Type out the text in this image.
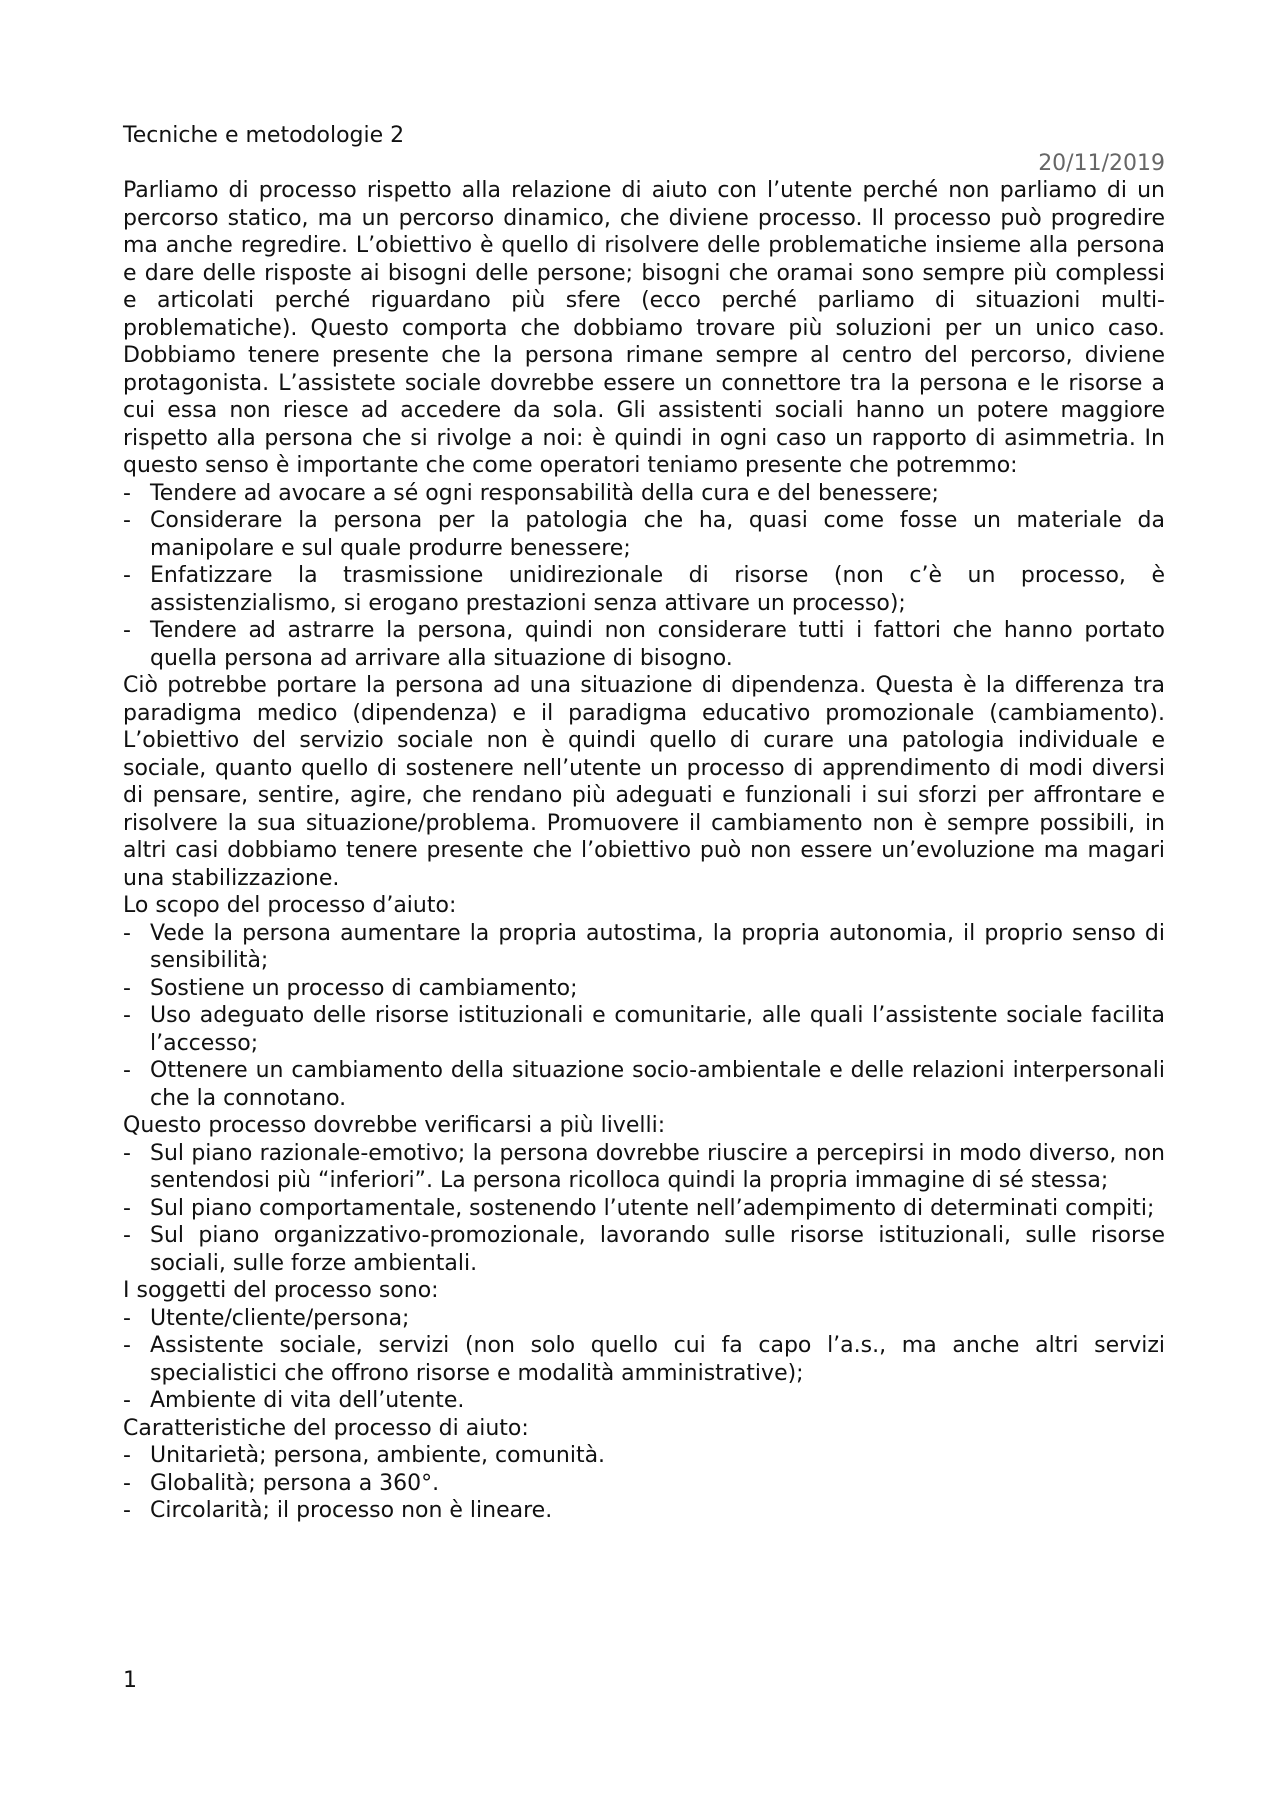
Tecniche e metodologie 2
20/11/2019

Parliamo di processo rispetto alla relazione di aiuto con l’utente perché non parliamo di un percorso statico, ma un percorso dinamico, che diviene processo. Il processo può progredire ma anche regredire. L’obiettivo è quello di risolvere delle problematiche insieme alla persona e dare delle risposte ai bisogni delle persone; bisogni che oramai sono sempre più complessi e articolati perché riguardano più sfere (ecco perché parliamo di situazioni multi-problematiche). Questo comporta che dobbiamo trovare più soluzioni per un unico caso. Dobbiamo tenere presente che la persona rimane sempre al centro del percorso, diviene protagonista. L’assistete sociale dovrebbe essere un connettore tra la persona e le risorse a cui essa non riesce ad accedere da sola. Gli assistenti sociali hanno un potere maggiore rispetto alla persona che si rivolge a noi: è quindi in ogni caso un rapporto di asimmetria. In questo senso è importante che come operatori teniamo presente che potremmo:

- Tendere ad avocare a sé ogni responsabilità della cura e del benessere;
- Considerare la persona per la patologia che ha, quasi come fosse un materiale da manipolare e sul quale produrre benessere;
- Enfatizzare la trasmissione unidirezionale di risorse (non c’è un processo, è assistenzialismo, si erogano prestazioni senza attivare un processo);
- Tendere ad astrarre la persona, quindi non considerare tutti i fattori che hanno portato quella persona ad arrivare alla situazione di bisogno.

Ciò potrebbe portare la persona ad una situazione di dipendenza. Questa è la differenza tra paradigma medico (dipendenza) e il paradigma educativo promozionale (cambiamento). L’obiettivo del servizio sociale non è quindi quello di curare una patologia individuale e sociale, quanto quello di sostenere nell’utente un processo di apprendimento di modi diversi di pensare, sentire, agire, che rendano più adeguati e funzionali i sui sforzi per affrontare e risolvere la sua situazione/problema. Promuovere il cambiamento non è sempre possibili, in altri casi dobbiamo tenere presente che l’obiettivo può non essere un’evoluzione ma magari una stabilizzazione.

Lo scopo del processo d’aiuto:

- Vede la persona aumentare la propria autostima, la propria autonomia, il proprio senso di sensibilità;
- Sostiene un processo di cambiamento;
- Uso adeguato delle risorse istituzionali e comunitarie, alle quali l’assistente sociale facilita l’accesso;
- Ottenere un cambiamento della situazione socio-ambientale e delle relazioni interpersonali che la connotano.

Questo processo dovrebbe verificarsi a più livelli:

- Sul piano razionale-emotivo; la persona dovrebbe riuscire a percepirsi in modo diverso, non sentendosi più “inferiori”. La persona ricolloca quindi la propria immagine di sé stessa;
- Sul piano comportamentale, sostenendo l’utente nell’adempimento di determinati compiti;
- Sul piano organizzativo-promozionale, lavorando sulle risorse istituzionali, sulle risorse sociali, sulle forze ambientali.

I soggetti del processo sono:

- Utente/cliente/persona;
- Assistente sociale, servizi (non solo quello cui fa capo l’a.s., ma anche altri servizi specialistici che offrono risorse e modalità amministrative);
- Ambiente di vita dell’utente.

Caratteristiche del processo di aiuto:

- Unitarietà; persona, ambiente, comunità.
- Globalità; persona a 360°.
- Circolarità; il processo non è lineare.
1
